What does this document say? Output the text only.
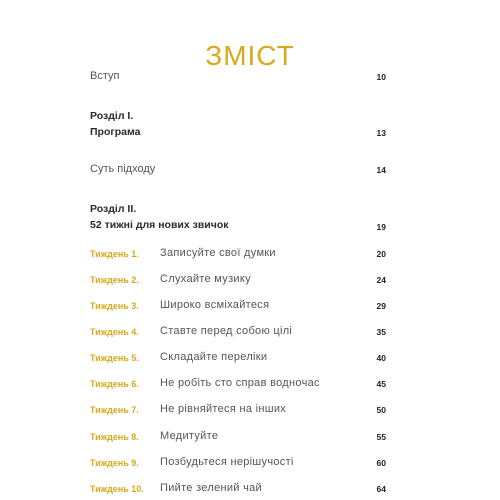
ЗМІСТ
Вступ	10
Розділ І.
Програма	13
Суть підходу	14
Розділ ІІ.
52 тижні для нових звичок	19
Тиждень 1. Записуйте свої думки	20
Тиждень 2. Слухайте музику	24
Тиждень 3. Широко всміхайтеся	29
Тиждень 4. Ставте перед собою цілі	35
Тиждень 5. Складайте переліки	40
Тиждень 6. Не робіть сто справ водночас	45
Тиждень 7. Не рівняйтеся на інших	50
Тиждень 8. Медитуйте	55
Тиждень 9. Позбудьтеся нерішучості	60
Тиждень 10. Пийте зелений чай	64
